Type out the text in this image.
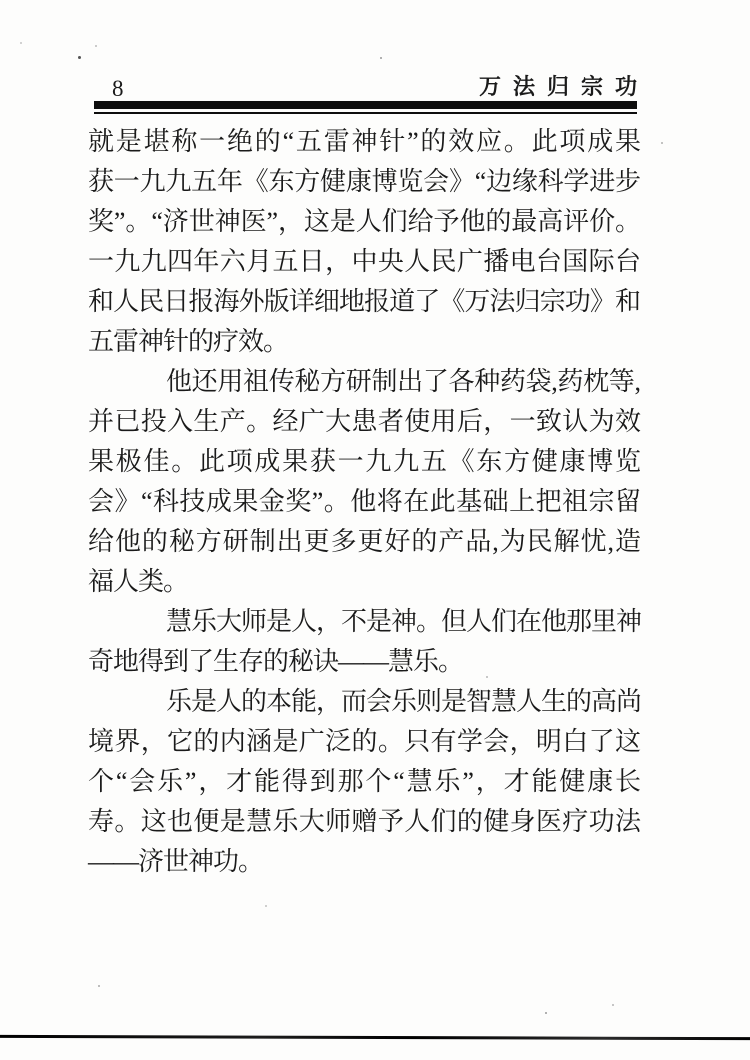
8	万法归宗功
就是堪称一绝的“五雷神针”的效应。此项成果
获一九九五年《东方健康博览会》“边缘科学进步
奖”。“济世神医”，这是人们给予他的最高评价。
一九九四年六月五日，中央人民广播电台国际台
和人民日报海外版详细地报道了《万法归宗功》和
五雷神针的疗效。
他还用祖传秘方研制出了各种药袋,药枕等,
并已投入生产。经广大患者使用后，一致认为效
果极佳。此项成果获一九九五《东方健康博览
会》“科技成果金奖”。他将在此基础上把祖宗留
给他的秘方研制出更多更好的产品,为民解忧,造
福人类。
慧乐大师是人，不是神。但人们在他那里神
奇地得到了生存的秘诀——慧乐。
乐是人的本能，而会乐则是智慧人生的高尚
境界，它的内涵是广泛的。只有学会，明白了这
个“会乐”，才能得到那个“慧乐”，才能健康长
寿。这也便是慧乐大师赠予人们的健身医疗功法
——济世神功。
